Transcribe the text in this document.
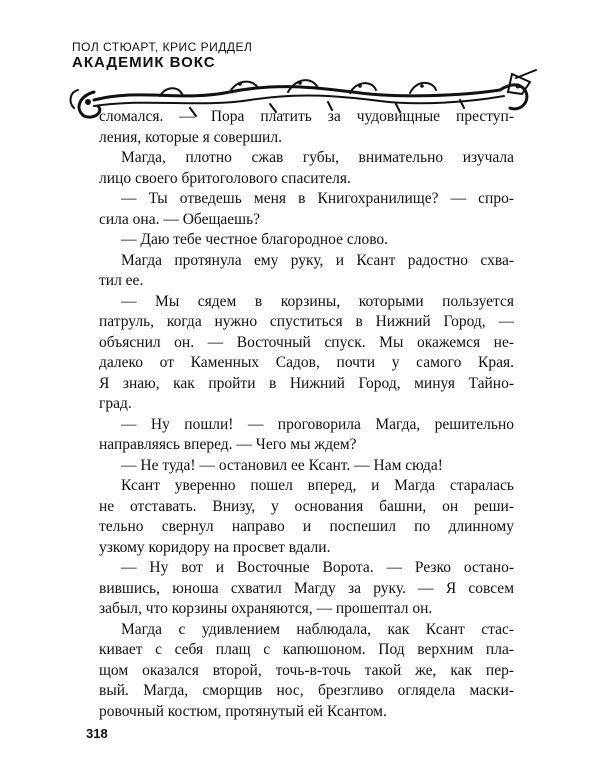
ПОЛ СТЮАРТ, КРИС РИДДЕЛ
АКАДЕМИК ВОКС
сломался. — Пора платить за чудовищные преступ-
ления, которые я совершил.
Магда, плотно сжав губы, внимательно изучала
лицо своего бритоголового спасителя.
— Ты отведешь меня в Книгохранилище? — спро-
сила она. — Обещаешь?
— Даю тебе честное благородное слово.
Магда протянула ему руку, и Ксант радостно схва-
тил ее.
— Мы сядем в корзины, которыми пользуется
патруль, когда нужно спуститься в Нижний Город, —
объяснил он. — Восточный спуск. Мы окажемся не-
далеко от Каменных Садов, почти у самого Края.
Я знаю, как пройти в Нижний Город, минуя Тайно-
град.
— Ну пошли! — проговорила Магда, решительно
направляясь вперед. — Чего мы ждем?
— Не туда! — остановил ее Ксант. — Нам сюда!
Ксант уверенно пошел вперед, и Магда старалась
не отставать. Внизу, у основания башни, он реши-
тельно свернул направо и поспешил по длинному
узкому коридору на просвет вдали.
— Ну вот и Восточные Ворота. — Резко остано-
вившись, юноша схватил Магду за руку. — Я совсем
забыл, что корзины охраняются, — прошептал он.
Магда с удивлением наблюдала, как Ксант стас-
кивает с себя плащ с капюшоном. Под верхним пла-
щом оказался второй, точь-в-точь такой же, как пер-
вый. Магда, сморщив нос, брезгливо оглядела маски-
ровочный костюм, протянутый ей Ксантом.
318
